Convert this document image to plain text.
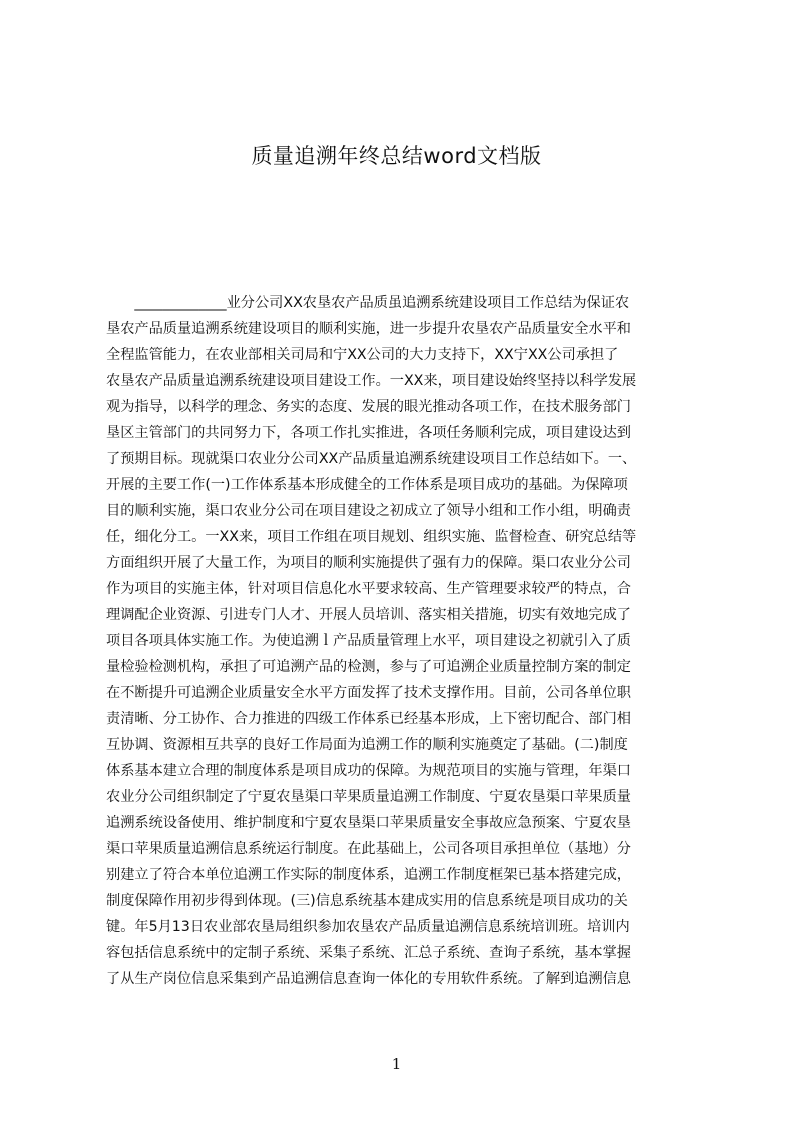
质量追溯年终总结word文档版
　　_____________业分公司XX农垦农产品质虽追溯系统建设项目工作总结为保证农
垦农产品质量追溯系统建设项目的顺利实施，进一步提升农垦农产品质量安全水平和
全程监管能力，在农业部相关司局和宁XX公司的大力支持下，XX宁XX公司承担了
农垦农产品质量追溯系统建设项目建设工作。一XX来，项目建设始终坚持以科学发展
观为指导，以科学的理念、务实的态度、发展的眼光推动各项工作，在技术服务部门
垦区主管部门的共同努力下，各项工作扎实推进，各项任务顺利完成，项目建设达到
了预期目标。现就渠口农业分公司XX产品质量追溯系统建设项目工作总结如下。一、
开展的主要工作(一)工作体系基本形成健全的工作体系是项目成功的基础。为保障项
目的顺利实施，渠口农业分公司在项目建设之初成立了领导小组和工作小组，明确责
任，细化分工。一XX来，项目工作组在项目规划、组织实施、监督检查、研究总结等
方面组织开展了大量工作，为项目的顺利实施提供了强有力的保障。渠口农业分公司
作为项目的实施主体，针对项目信息化水平要求较高、生产管理要求较严的特点，合
理调配企业资源、引进专门人才、开展人员培训、落实相关措施，切实有效地完成了
项目各项具体实施工作。为使追溯ｌ产品质量管理上水平，项目建设之初就引入了质
量检验检测机构，承担了可追溯产品的检测，参与了可追溯企业质量控制方案的制定
在不断提升可追溯企业质量安全水平方面发挥了技术支撑作用。目前，公司各单位职
责清晰、分工协作、合力推进的四级工作体系已经基本形成，上下密切配合、部门相
互协调、资源相互共享的良好工作局面为追溯工作的顺利实施奠定了基础。(二)制度
体系基本建立合理的制度体系是项目成功的保障。为规范项目的实施与管理，年渠口
农业分公司组织制定了宁夏农垦渠口苹果质量追溯工作制度、宁夏农垦渠口苹果质量
追溯系统设备使用、维护制度和宁夏农垦渠口苹果质量安全事故应急预案、宁夏农垦
渠口苹果质量追溯信息系统运行制度。在此基础上，公司各项目承担单位（基地）分
别建立了符合本单位追溯工作实际的制度体系，追溯工作制度框架已基本搭建完成，
制度保障作用初步得到体现。(三)信息系统基本建成实用的信息系统是项目成功的关
键。年5月13日农业部农垦局组织参加农垦农产品质量追溯信息系统培训班。培训内
容包括信息系统中的定制子系统、采集子系统、汇总子系统、查询子系统，基本掌握
了从生产岗位信息采集到产品追溯信息查询一体化的专用软件系统。了解到追溯信息
1
